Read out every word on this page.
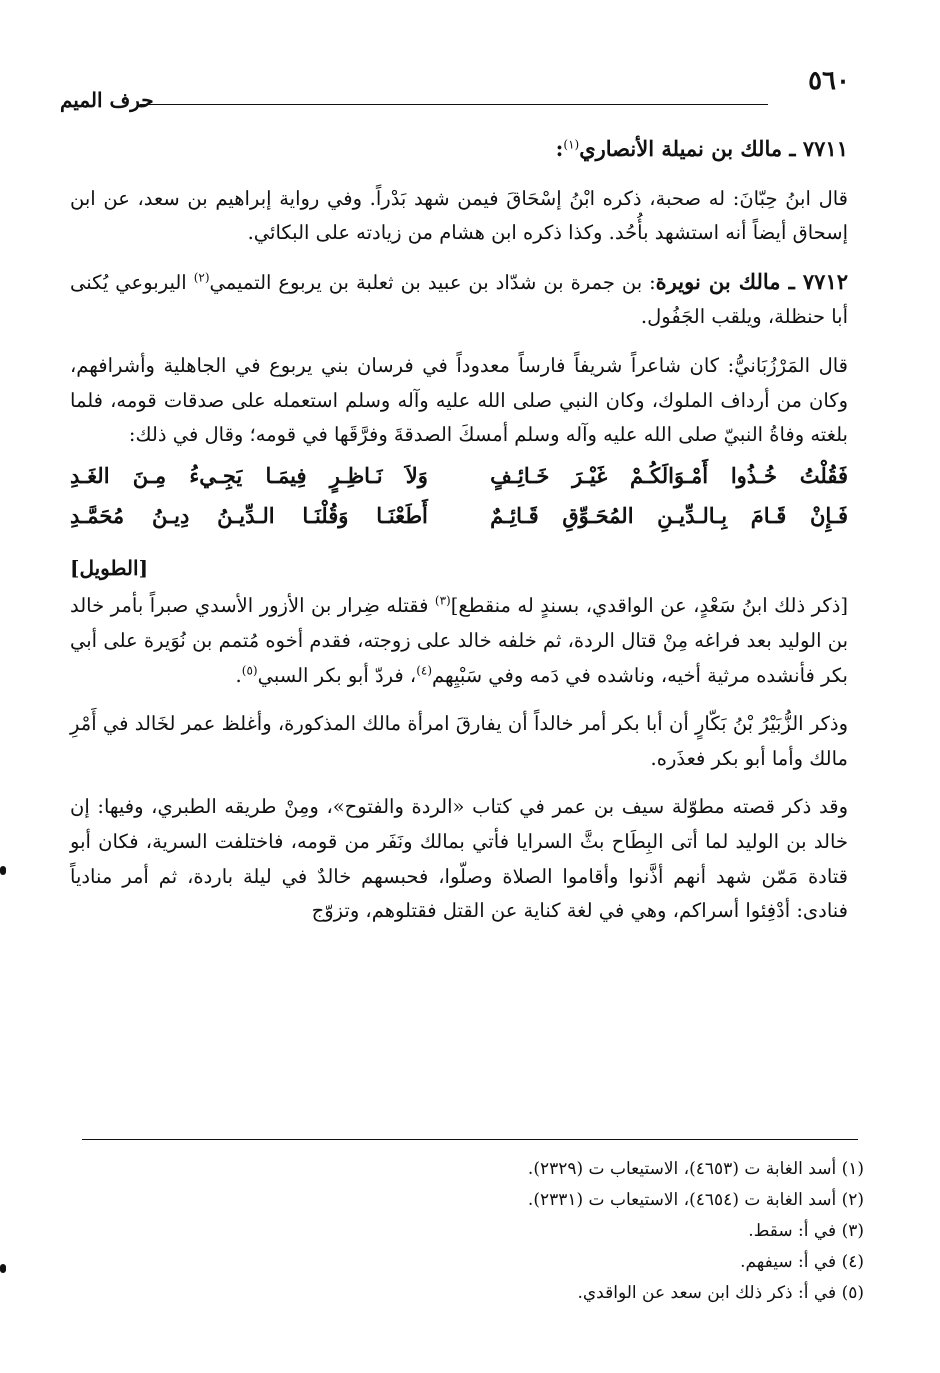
٥٦٠
حرف الميم

٧٧١١ ـ مالك بن نميلة الأنصاري$^{(١)}$:

قال ابنُ حِبّانَ: له صحبة، ذكره ابْنُ إسْحَاقَ فيمن شهد بَدْراً. وفي رواية إبراهيم بن سعد، عن ابن إسحاق أيضاً أنه استشهد بأُحُد. وكذا ذكره ابن هشام من زيادته على البكائي.

٧٧١٢ ـ مالك بن نويرة: بن جمرة بن شدّاد بن عبيد بن ثعلبة بن يربوع التميمي$^{(٢)}$ اليربوعي يُكنى أبا حنظلة، ويلقب الجَفُول.

قال المَرْزُبَانيُّ: كان شاعراً شريفاً فارساً معدوداً في فرسان بني يربوع في الجاهلية وأشرافهم، وكان من أرداف الملوك، وكان النبي صلى الله عليه وآله وسلم استعمله على صدقات قومه، فلما بلغته وفاةُ النبيّ صلى الله عليه وآله وسلم أمسكَ الصدقةَ وفرَّقَها في قومه؛ وقال في ذلك:

فَقُلْتُ خُـذُوا أَمْـوَالَكُـمْ غَيْـرَ خَـائِـفٍ
وَلاَ نَـاظِـرٍ فِيمَـا يَجِـيءُ مِـنَ الغَـدِ
فَـإِنْ قَـامَ بِـالـدِّيـنِ المُحَـوِّقِ قَـائِـمٌ
أَطَعْنَـا وَقُلْنَـا الـدِّيـنُ دِيـنُ مُحَمَّـدِ
[الطويل]

[ذكر ذلك ابنُ سَعْدٍ، عن الواقدي، بسندٍ له منقطع]$^{(٣)}$ فقتله ضِرار بن الأزور الأسدي صبراً بأمر خالد بن الوليد بعد فراغه مِنْ قتال الردة، ثم خلفه خالد على زوجته، فقدم أخوه مُتمم بن نُوَيرة على أبي بكر فأنشده مرثية أخيه، وناشده في دَمه وفي سَبْيِهم$^{(٤)}$، فردّ أبو بكر السبي$^{(٥)}$.

وذكر الزُّبَيْرُ بْنُ بَكّارٍ أن أبا بكر أمر خالداً أن يفارقَ امرأة مالك المذكورة، وأغلظ عمر لخَالد في أَمْرِ مالك وأما أبو بكر فعذَره.

وقد ذكر قصته مطوّلة سيف بن عمر في كتاب «الردة والفتوح»، ومِنْ طريقه الطبري، وفيها: إن خالد بن الوليد لما أتى البِطَاح بثَّ السرايا فأتي بمالك ونَفَر من قومه، فاختلفت السرية، فكان أبو قتادة مَمّن شهد أنهم أذَّنوا وأقاموا الصلاة وصلّوا، فحبسهم خالدٌ في ليلة باردة، ثم أمر منادياً فنادى: أدْفِئوا أسراكم، وهي في لغة كناية عن القتل فقتلوهم، وتزوّج

(١) أسد الغابة ت (٤٦٥٣)، الاستيعاب ت (٢٣٢٩).
(٢) أسد الغابة ت (٤٦٥٤)، الاستيعاب ت (٢٣٣١).
(٣) في أ: سقط.
(٤) في أ: سيفهم.
(٥) في أ: ذكر ذلك ابن سعد عن الواقدي.
